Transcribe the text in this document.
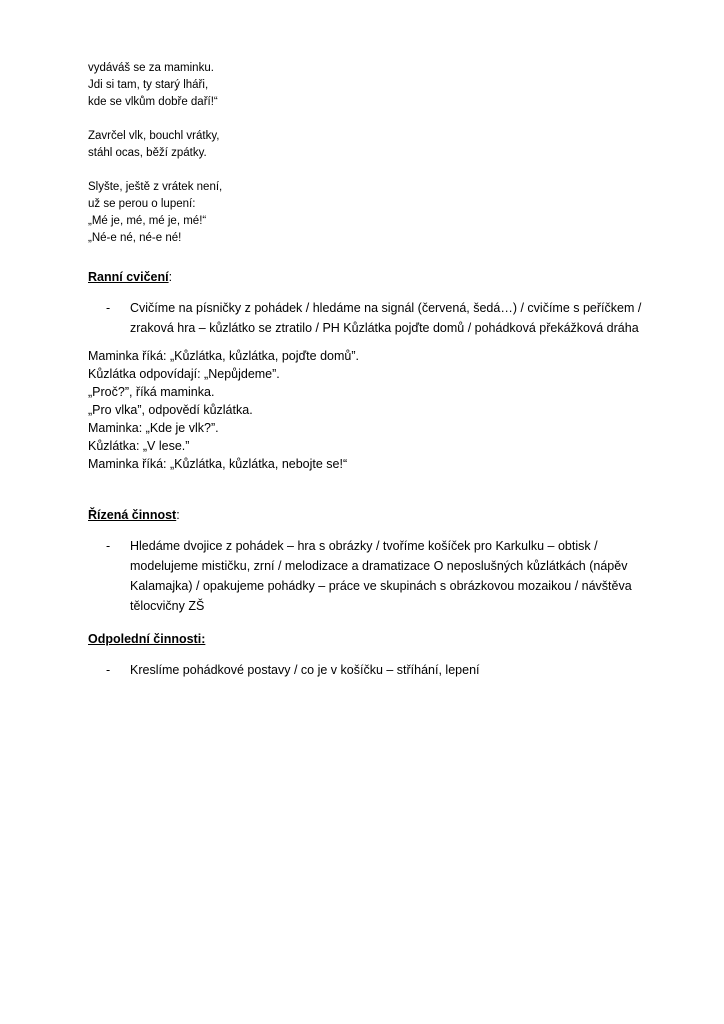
vydáváš se za maminku.
Jdi si tam, ty starý lháři,
kde se vlkům dobře daří!“
Zavrčel vlk, bouchl vrátky,
stáhl ocas, běží zpátky.
Slyšte, ještě z vrátek není,
už se perou o lupení:
„Mé je, mé, mé je, mé!“
„Né-e né, né-e né!
Ranní cvičení:
- Cvičíme na písničky z pohádek / hledáme na signál (červená, šedá…) / cvičíme s peříčkem / zraková hra – kůzlátko se ztratilo / PH Kůzlátka pojďte domů / pohádková překážková dráha
Maminka říká: „Kůzlátka, kůzlátka, pojďte domů”.
Kůzlátka odpovídají: „Nepůjdeme”.
„Proč?”, říká maminka.
„Pro vlka”, odpovědí kůzlátka.
Maminka: „Kde je vlk?”.
Kůzlátka: „V lese.”
Maminka říká: „Kůzlátka, kůzlátka, nebojte se!“
Řízená činnost:
- Hledáme dvojice z pohádek – hra s obrázky / tvoříme košíček pro Karkulku – obtisk / modelujeme mističku, zrní / melodizace a dramatizace O neposlušných kůzlátkách (nápěv Kalamajka) / opakujeme pohádky – práce ve skupinách s obrázkovou mozaikou / návštěva tělocvičny ZŠ
Odpolední činnosti:
- Kreslíme pohádkové postavy / co je v košíčku – stříhání, lepení
